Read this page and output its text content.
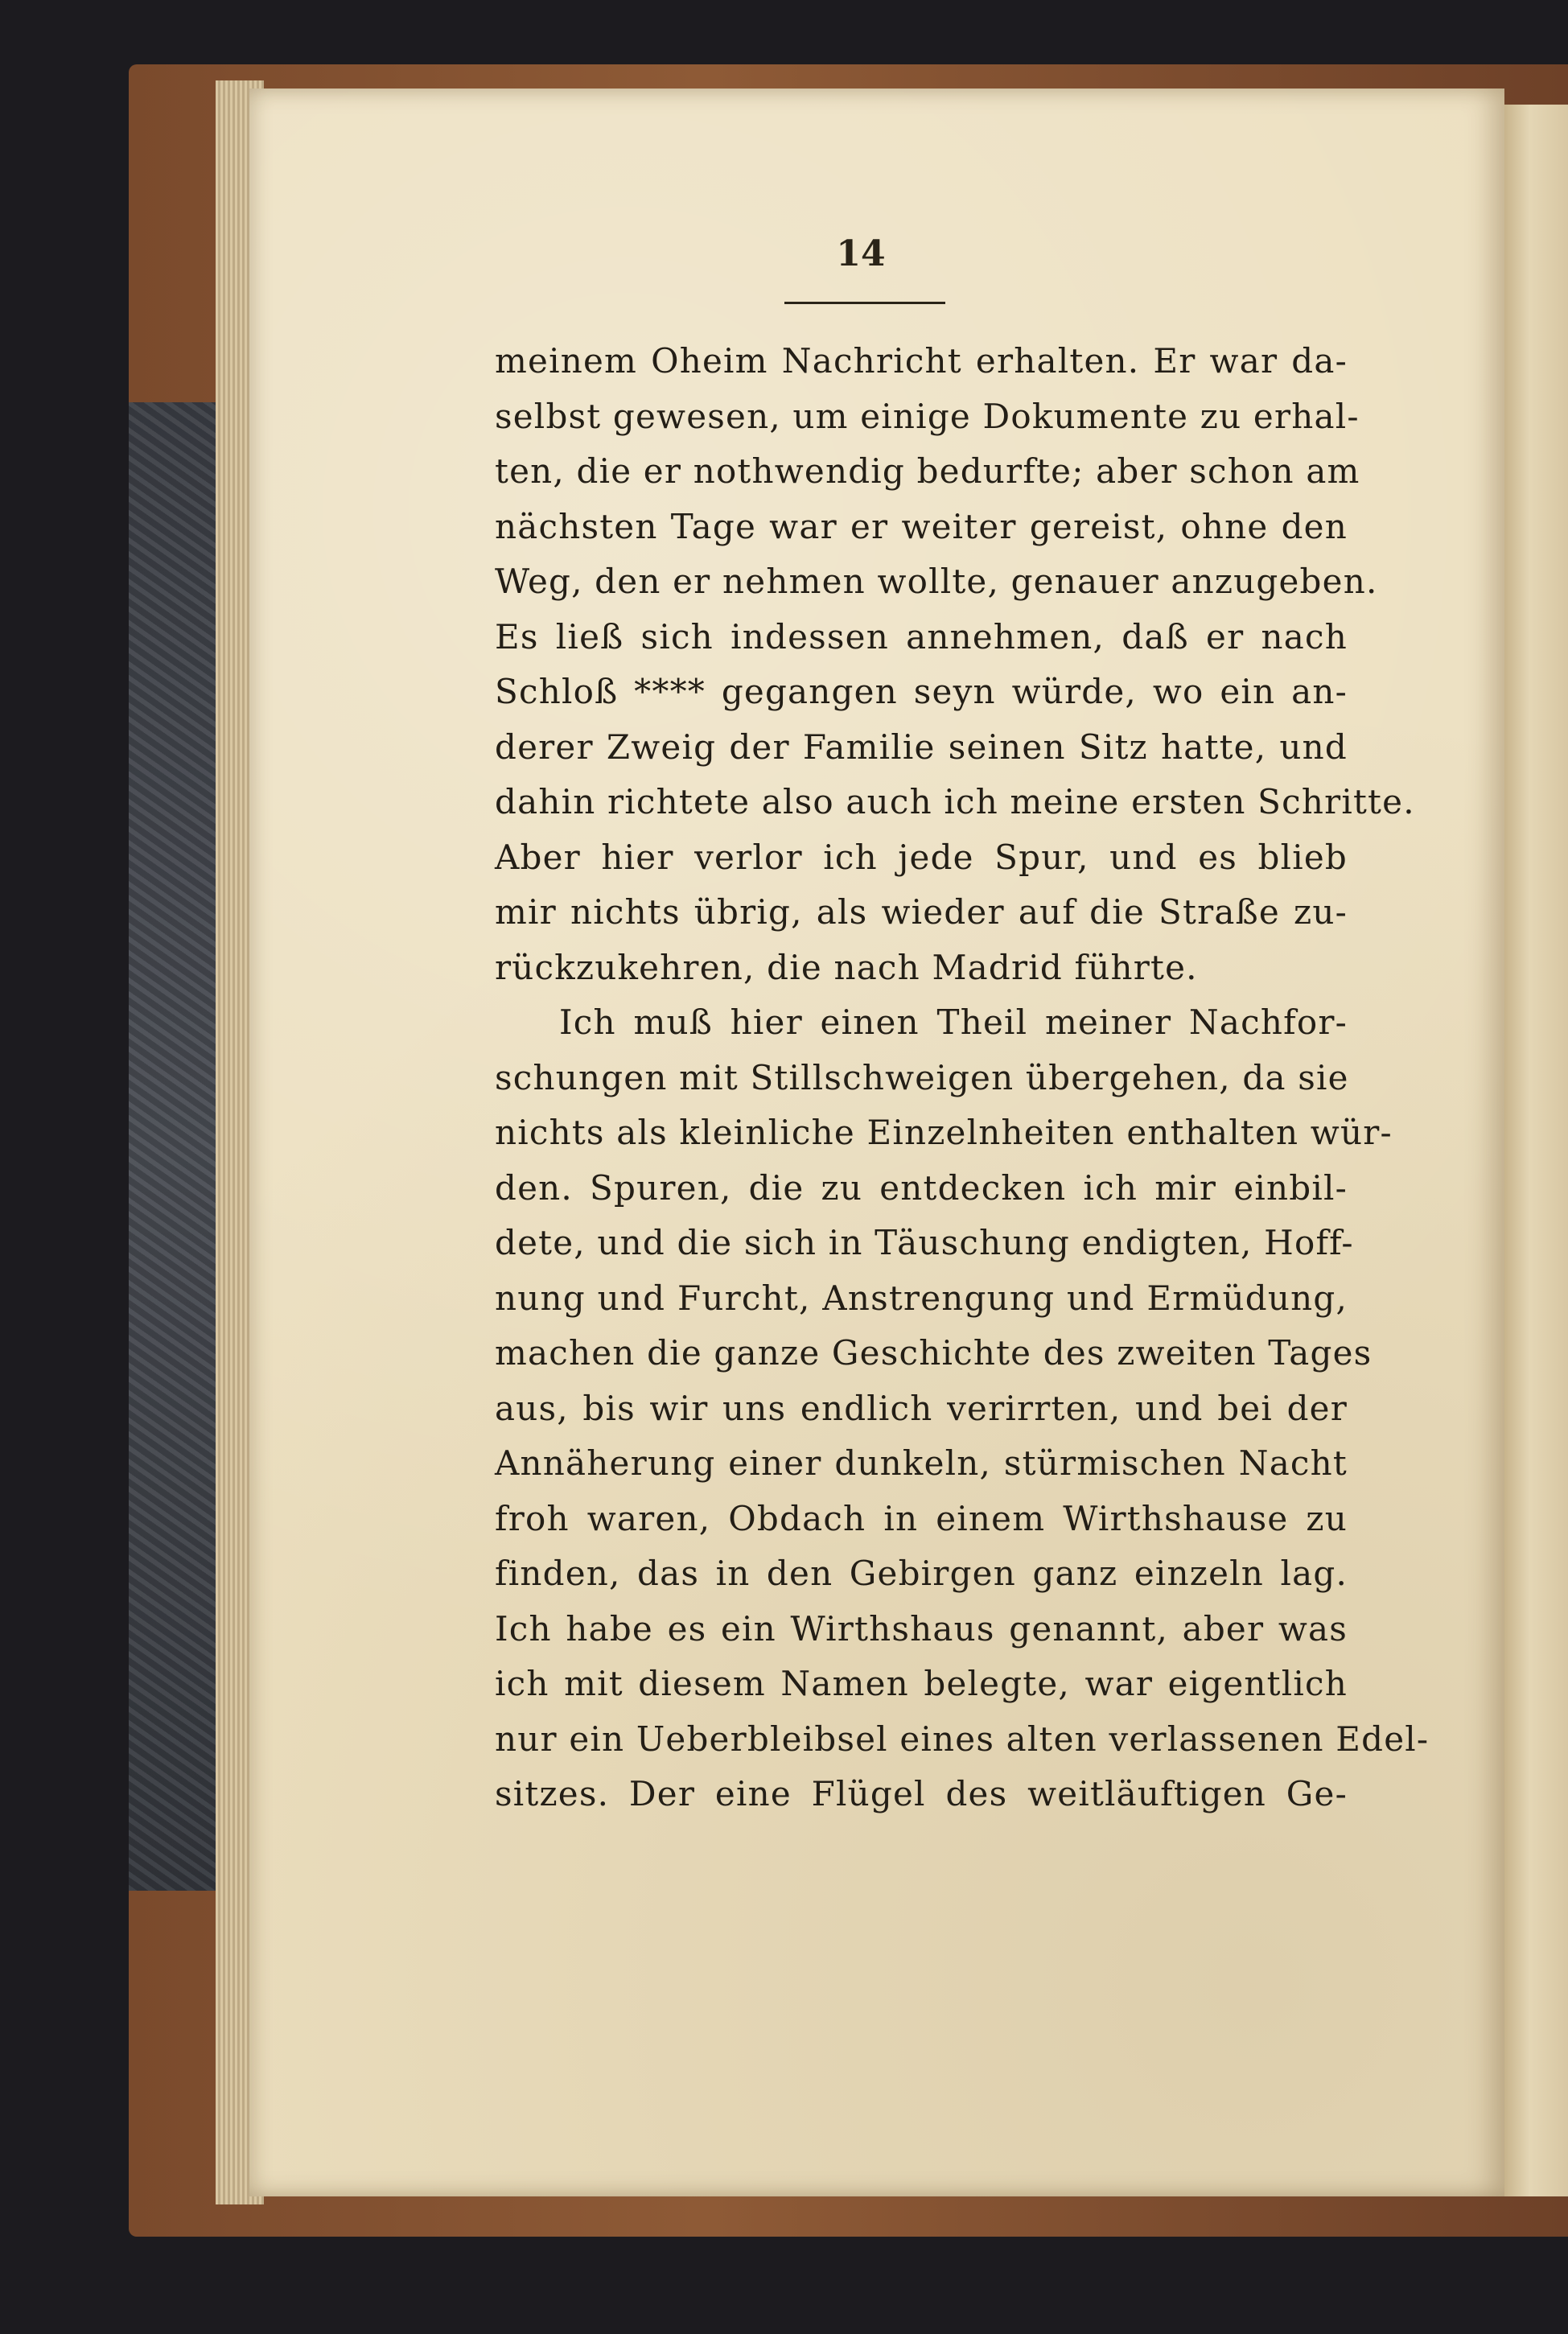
14
meinem Oheim Nachricht erhalten. Er war da-
selbst gewesen, um einige Dokumente zu erhal-
ten, die er nothwendig bedurfte; aber schon am
nächsten Tage war er weiter gereist, ohne den
Weg, den er nehmen wollte, genauer anzugeben.
Es ließ sich indessen annehmen, daß er nach
Schloß **** gegangen seyn würde, wo ein an-
derer Zweig der Familie seinen Sitz hatte, und
dahin richtete also auch ich meine ersten Schritte.
Aber hier verlor ich jede Spur, und es blieb
mir nichts übrig, als wieder auf die Straße zu-
rückzukehren, die nach Madrid führte.
Ich muß hier einen Theil meiner Nachfor-
schungen mit Stillschweigen übergehen, da sie
nichts als kleinliche Einzelnheiten enthalten wür-
den. Spuren, die zu entdecken ich mir einbil-
dete, und die sich in Täuschung endigten, Hoff-
nung und Furcht, Anstrengung und Ermüdung,
machen die ganze Geschichte des zweiten Tages
aus, bis wir uns endlich verirrten, und bei der
Annäherung einer dunkeln, stürmischen Nacht
froh waren, Obdach in einem Wirthshause zu
finden, das in den Gebirgen ganz einzeln lag.
Ich habe es ein Wirthshaus genannt, aber was
ich mit diesem Namen belegte, war eigentlich
nur ein Ueberbleibsel eines alten verlassenen Edel-
sitzes. Der eine Flügel des weitläuftigen Ge-
